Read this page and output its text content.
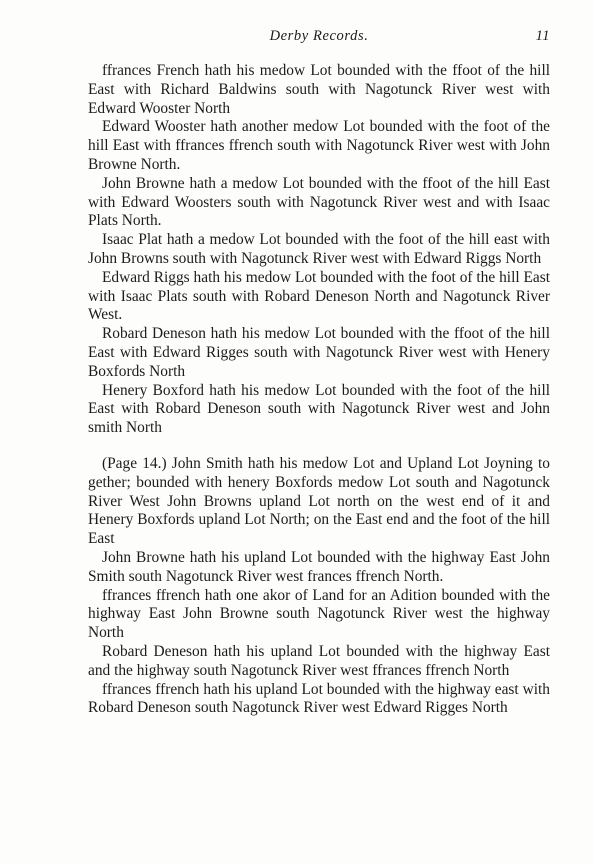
Derby Records.	11

ffrances French hath his medow Lot bounded with the ffoot of the hill East with Richard Baldwins south with Nagotunck River west with Edward Wooster North

Edward Wooster hath another medow Lot bounded with the foot of the hill East with ffrances ffrench south with Nagotunck River west with John Browne North.

John Browne hath a medow Lot bounded with the ffoot of the hill East with Edward Woosters south with Nagotunck River west and with Isaac Plats North.

Isaac Plat hath a medow Lot bounded with the foot of the hill east with John Browns south with Nagotunck River west with Edward Riggs North

Edward Riggs hath his medow Lot bounded with the foot of the hill East with Isaac Plats south with Robard Deneson North and Nagotunck River West.

Robard Deneson hath his medow Lot bounded with the ffoot of the hill East with Edward Rigges south with Nagotunck River west with Henery Boxfords North

Henery Boxford hath his medow Lot bounded with the foot of the hill East with Robard Deneson south with Nagotunck River west and John smith North

(Page 14.) John Smith hath his medow Lot and Upland Lot Joyning to gether; bounded with henery Boxfords medow Lot south and Nagotunck River West John Browns upland Lot north on the west end of it and Henery Boxfords upland Lot North; on the East end and the foot of the hill East

John Browne hath his upland Lot bounded with the highway East John Smith south Nagotunck River west frances ffrench North.

ffrances ffrench hath one akor of Land for an Adition bounded with the highway East John Browne south Nagotunck River west the highway North

Robard Deneson hath his upland Lot bounded with the highway East and the highway south Nagotunck River west ffrances ffrench North

ffrances ffrench hath his upland Lot bounded with the highway east with Robard Deneson south Nagotunck River west Edward Rigges North
